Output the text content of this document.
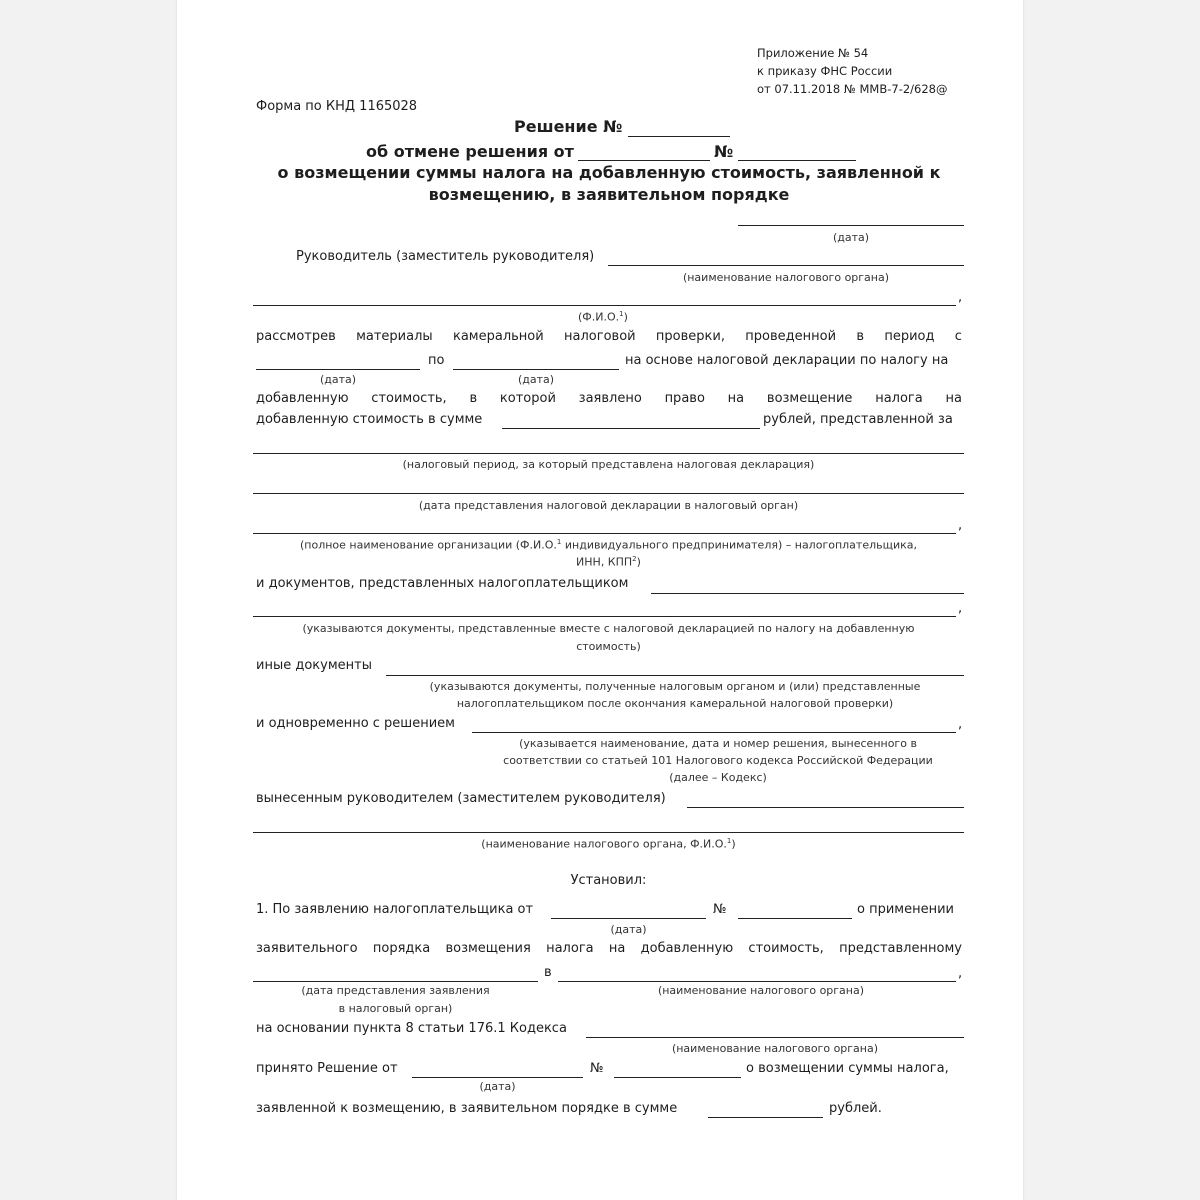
Приложение № 54
к приказу ФНС России
от 07.11.2018 № ММВ-7-2/628@
Форма по КНД 1165028
Решение №
об отмене решения от	№
о возмещении суммы налога на добавленную стоимость, заявленной к
возмещению, в заявительном порядке
(дата)
Руководитель (заместитель руководителя)
(наименование налогового органа)
,
(Ф.И.О.$^1$)
рассмотрев материалы камеральной налоговой проверки, проведенной в период с
по	на основе налоговой декларации по налогу на
(дата)	(дата)
добавленную стоимость, в которой заявлено право на возмещение налога на
добавленную стоимость в сумме	рублей, представленной за
(налоговый период, за который представлена налоговая декларация)
(дата представления налоговой декларации в налоговый орган)
,
(полное наименование организации (Ф.И.О.$^1$ индивидуального предпринимателя) – налогоплательщика,
ИНН, КПП$^2$)
и документов, представленных налогоплательщиком
,
(указываются документы, представленные вместе с налоговой декларацией по налогу на добавленную
стоимость)
иные документы
(указываются документы, полученные налоговым органом и (или) представленные
налогоплательщиком после окончания камеральной налоговой проверки)
и одновременно с решением	,
(указывается наименование, дата и номер решения, вынесенного в
соответствии со статьей 101 Налогового кодекса Российской Федерации
(далее – Кодекс)
вынесенным руководителем (заместителем руководителя)
(наименование налогового органа, Ф.И.О.$^1$)
Установил:
1. По заявлению налогоплательщика от	№	о применении
(дата)
заявительного порядка возмещения налога на добавленную стоимость, представленному
в	,
(дата представления заявления
в налоговый орган)
(наименование налогового органа)
на основании пункта 8 статьи 176.1 Кодекса
(наименование налогового органа)
принято Решение от	№	о возмещении суммы налога,
(дата)
заявленной к возмещению, в заявительном порядке в сумме	рублей.
